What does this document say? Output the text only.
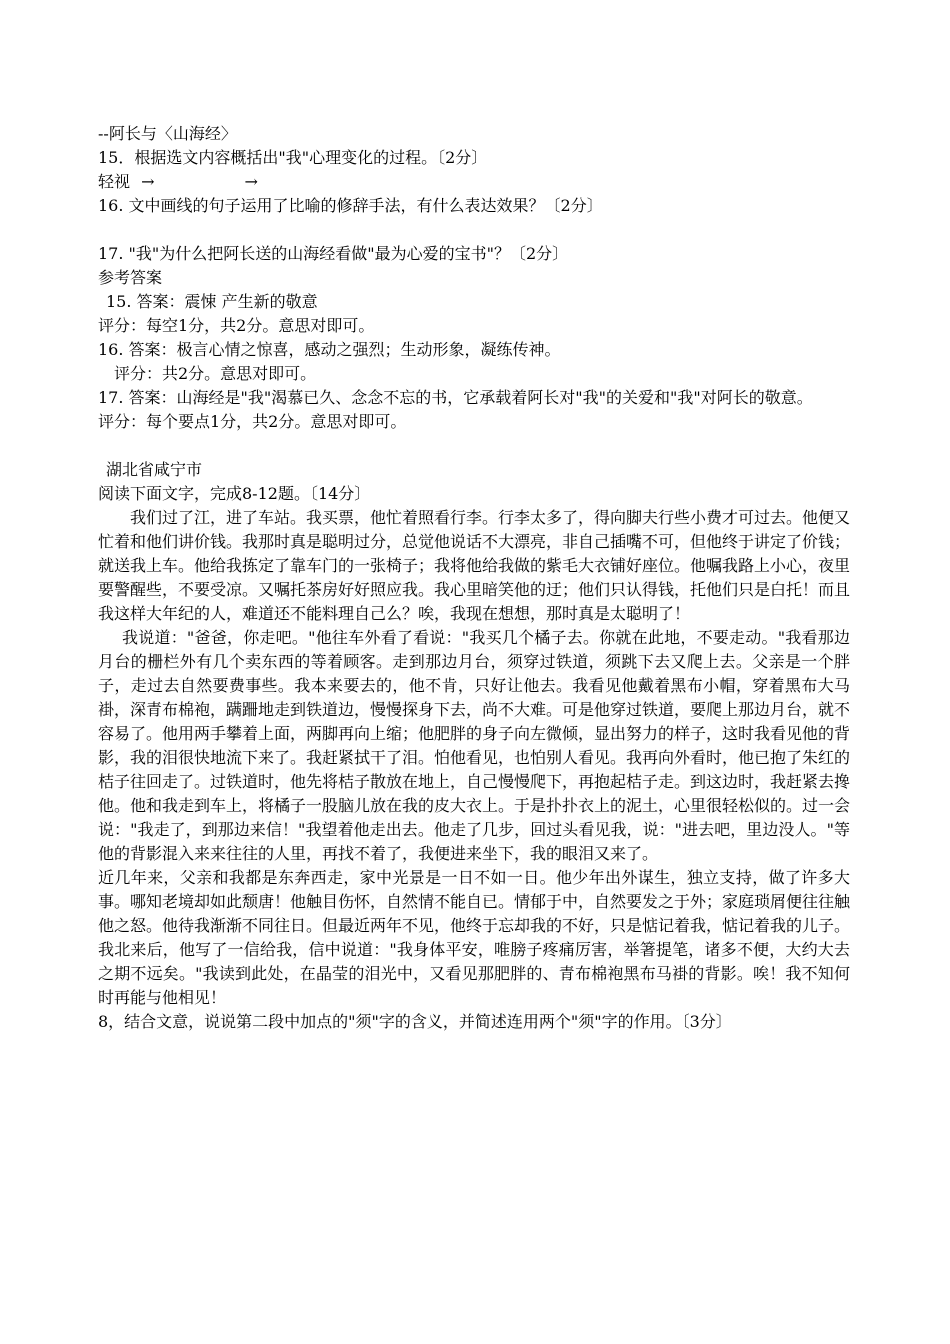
--阿长与〈山海经〉
15．根据选文内容概括出"我"心理变化的过程。〔2分〕
轻视 →	→
16. 文中画线的句子运用了比喻的修辞手法，有什么表达效果？〔2分〕
17. "我"为什么把阿长送的山海经看做"最为心爱的宝书"？〔2分〕
参考答案
15. 答案：震悚 产生新的敬意
评分：每空1分，共2分。意思对即可。
16. 答案：极言心情之惊喜，感动之强烈；生动形象，凝练传神。
评分：共2分。意思对即可。
17. 答案：山海经是"我"渴慕已久、念念不忘的书，它承载着阿长对"我"的关爱和"我"对阿长的敬意。
评分：每个要点1分，共2分。意思对即可。
湖北省咸宁市
阅读下面文字，完成8-12题。〔14分〕
我们过了江，进了车站。我买票，他忙着照看行李。行李太多了，得向脚夫行些小费才可过去。他便又忙着和他们讲价钱。我那时真是聪明过分，总觉他说话不大漂亮，非自己插嘴不可，但他终于讲定了价钱；就送我上车。他给我拣定了靠车门的一张椅子；我将他给我做的紫毛大衣铺好座位。他嘱我路上小心，夜里要警醒些，不要受凉。又嘱托茶房好好照应我。我心里暗笑他的迂；他们只认得钱，托他们只是白托！而且我这样大年纪的人，难道还不能料理自己么？唉，我现在想想，那时真是太聪明了！
我说道："爸爸，你走吧。"他往车外看了看说："我买几个橘子去。你就在此地，不要走动。"我看那边月台的栅栏外有几个卖东西的等着顾客。走到那边月台，须穿过铁道，须跳下去又爬上去。父亲是一个胖子，走过去自然要费事些。我本来要去的，他不肯，只好让他去。我看见他戴着黑布小帽，穿着黑布大马褂，深青布棉袍，蹒跚地走到铁道边，慢慢探身下去，尚不大难。可是他穿过铁道，要爬上那边月台，就不容易了。他用两手攀着上面，两脚再向上缩；他肥胖的身子向左微倾，显出努力的样子，这时我看见他的背影，我的泪很快地流下来了。我赶紧拭干了泪。怕他看见，也怕别人看见。我再向外看时，他已抱了朱红的桔子往回走了。过铁道时，他先将桔子散放在地上，自己慢慢爬下，再抱起桔子走。到这边时，我赶紧去搀他。他和我走到车上，将橘子一股脑儿放在我的皮大衣上。于是扑扑衣上的泥土，心里很轻松似的。过一会说："我走了，到那边来信！"我望着他走出去。他走了几步，回过头看见我，说："进去吧，里边没人。"等他的背影混入来来往往的人里，再找不着了，我便进来坐下，我的眼泪又来了。
近几年来，父亲和我都是东奔西走，家中光景是一日不如一日。他少年出外谋生，独立支持，做了许多大事。哪知老境却如此颓唐！他触目伤怀，自然情不能自已。情郁于中，自然要发之于外；家庭琐屑便往往触他之怒。他待我渐渐不同往日。但最近两年不见，他终于忘却我的不好，只是惦记着我，惦记着我的儿子。我北来后，他写了一信给我，信中说道："我身体平安，唯膀子疼痛厉害，举箸提笔，诸多不便，大约大去之期不远矣。"我读到此处，在晶莹的泪光中，又看见那肥胖的、青布棉袍黑布马褂的背影。唉！我不知何时再能与他相见！
8，结合文意，说说第二段中加点的"须"字的含义，并简述连用两个"须"字的作用。〔3分〕
